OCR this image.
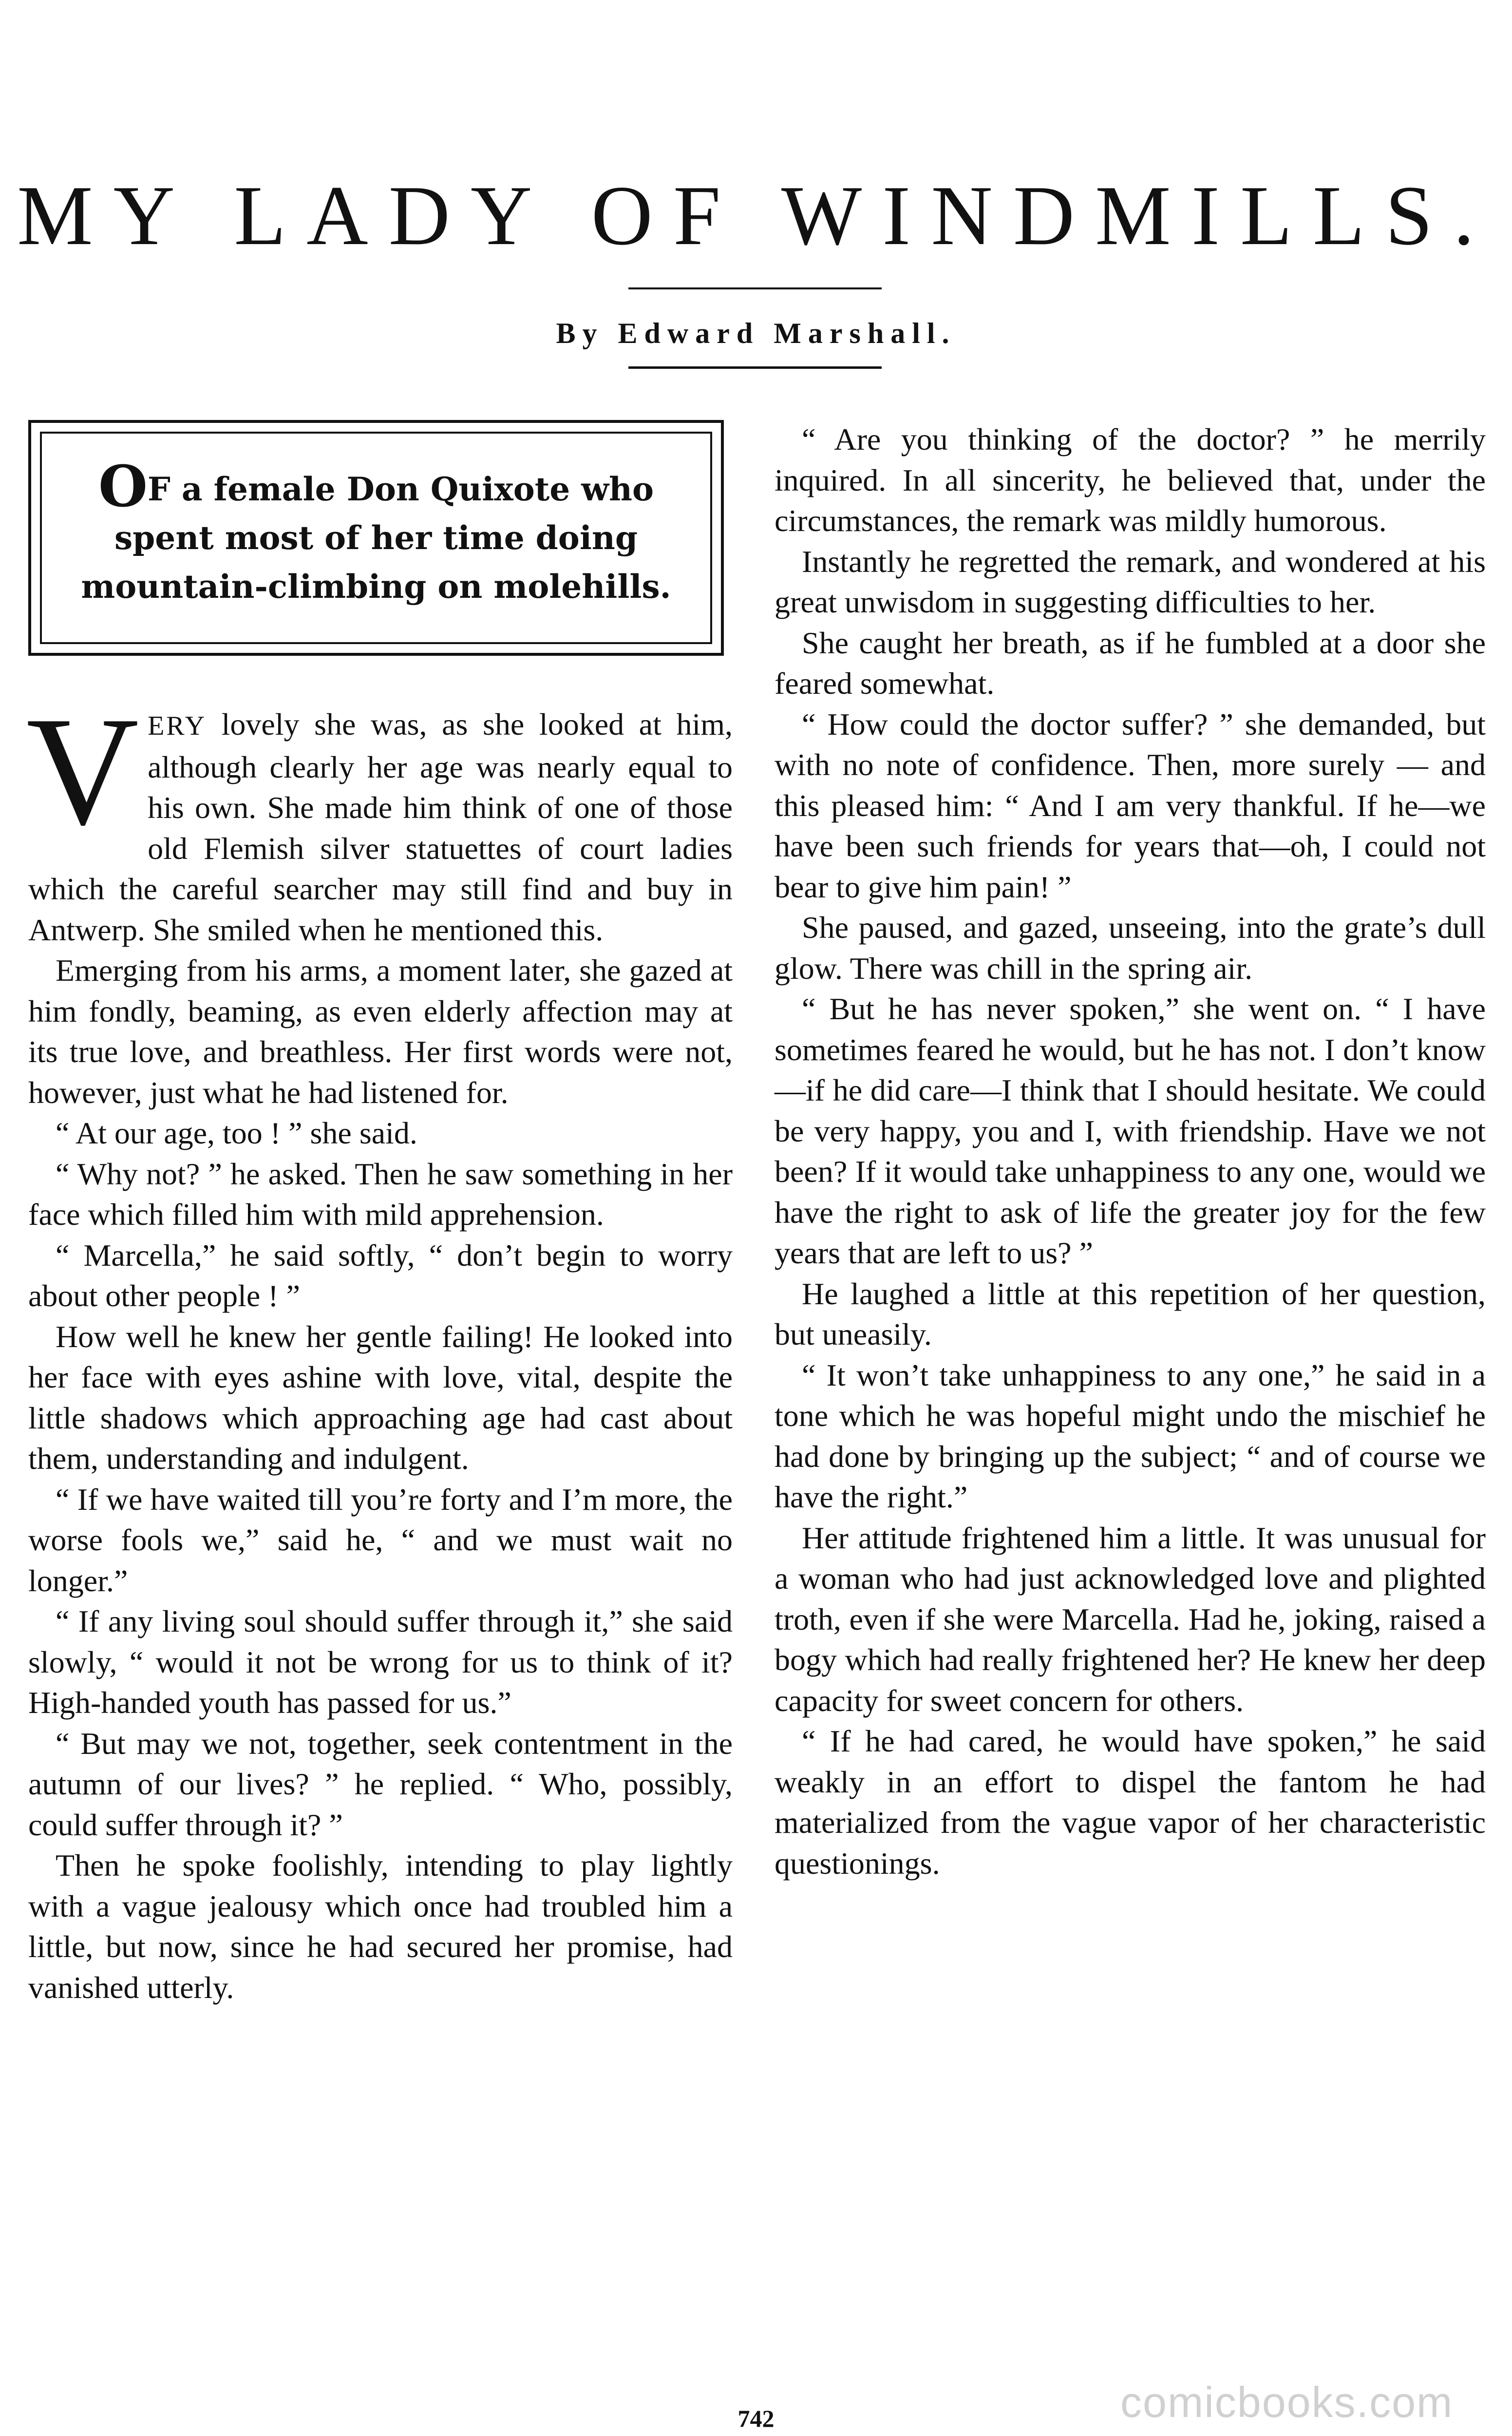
MY LADY OF WINDMILLS.
By Edward Marshall.
OF a female Don Quixote who spent most of her time doing mountain-climbing on molehills.

VERY lovely she was, as she looked at him, although clearly her age was nearly equal to his own. She made him think of one of those old Flemish silver statuettes of court ladies which the careful searcher may still find and buy in Antwerp. She smiled when he mentioned this.

Emerging from his arms, a moment later, she gazed at him fondly, beaming, as even elderly affection may at its true love, and breathless. Her first words were not, however, just what he had listened for.

“ At our age, too ! ” she said.

“ Why not? ” he asked. Then he saw something in her face which filled him with mild apprehension.

“ Marcella,” he said softly, “ don’t begin to worry about other people ! ”

How well he knew her gentle failing! He looked into her face with eyes ashine with love, vital, despite the little shadows which approaching age had cast about them, understanding and indulgent.

“ If we have waited till you’re forty and I’m more, the worse fools we,” said he, “ and we must wait no longer.”

“ If any living soul should suffer through it,” she said slowly, “ would it not be wrong for us to think of it? High-handed youth has passed for us.”

“ But may we not, together, seek contentment in the autumn of our lives? ” he replied. “ Who, possibly, could suffer through it? ”

Then he spoke foolishly, intending to play lightly with a vague jealousy which once had troubled him a little, but now, since he had secured her promise, had vanished utterly.

“ Are you thinking of the doctor? ” he merrily inquired. In all sincerity, he believed that, under the circumstances, the remark was mildly humorous.

Instantly he regretted the remark, and wondered at his great unwisdom in suggesting difficulties to her.

She caught her breath, as if he fumbled at a door she feared somewhat.

“ How could the doctor suffer? ” she demanded, but with no note of confidence. Then, more surely — and this pleased him: “ And I am very thankful. If he—we have been such friends for years that—oh, I could not bear to give him pain! ”

She paused, and gazed, unseeing, into the grate’s dull glow. There was chill in the spring air.

“ But he has never spoken,” she went on. “ I have sometimes feared he would, but he has not. I don’t know—if he did care—I think that I should hesitate. We could be very happy, you and I, with friendship. Have we not been? If it would take unhappiness to any one, would we have the right to ask of life the greater joy for the few years that are left to us? ”

He laughed a little at this repetition of her question, but uneasily.

“ It won’t take unhappiness to any one,” he said in a tone which he was hopeful might undo the mischief he had done by bringing up the subject; “ and of course we have the right.”

Her attitude frightened him a little. It was unusual for a woman who had just acknowledged love and plighted troth, even if she were Marcella. Had he, joking, raised a bogy which had really frightened her? He knew her deep capacity for sweet concern for others.

“ If he had cared, he would have spoken,” he said weakly in an effort to dispel the fantom he had materialized from the vague vapor of her characteristic questionings.

comicbooks.com
742
